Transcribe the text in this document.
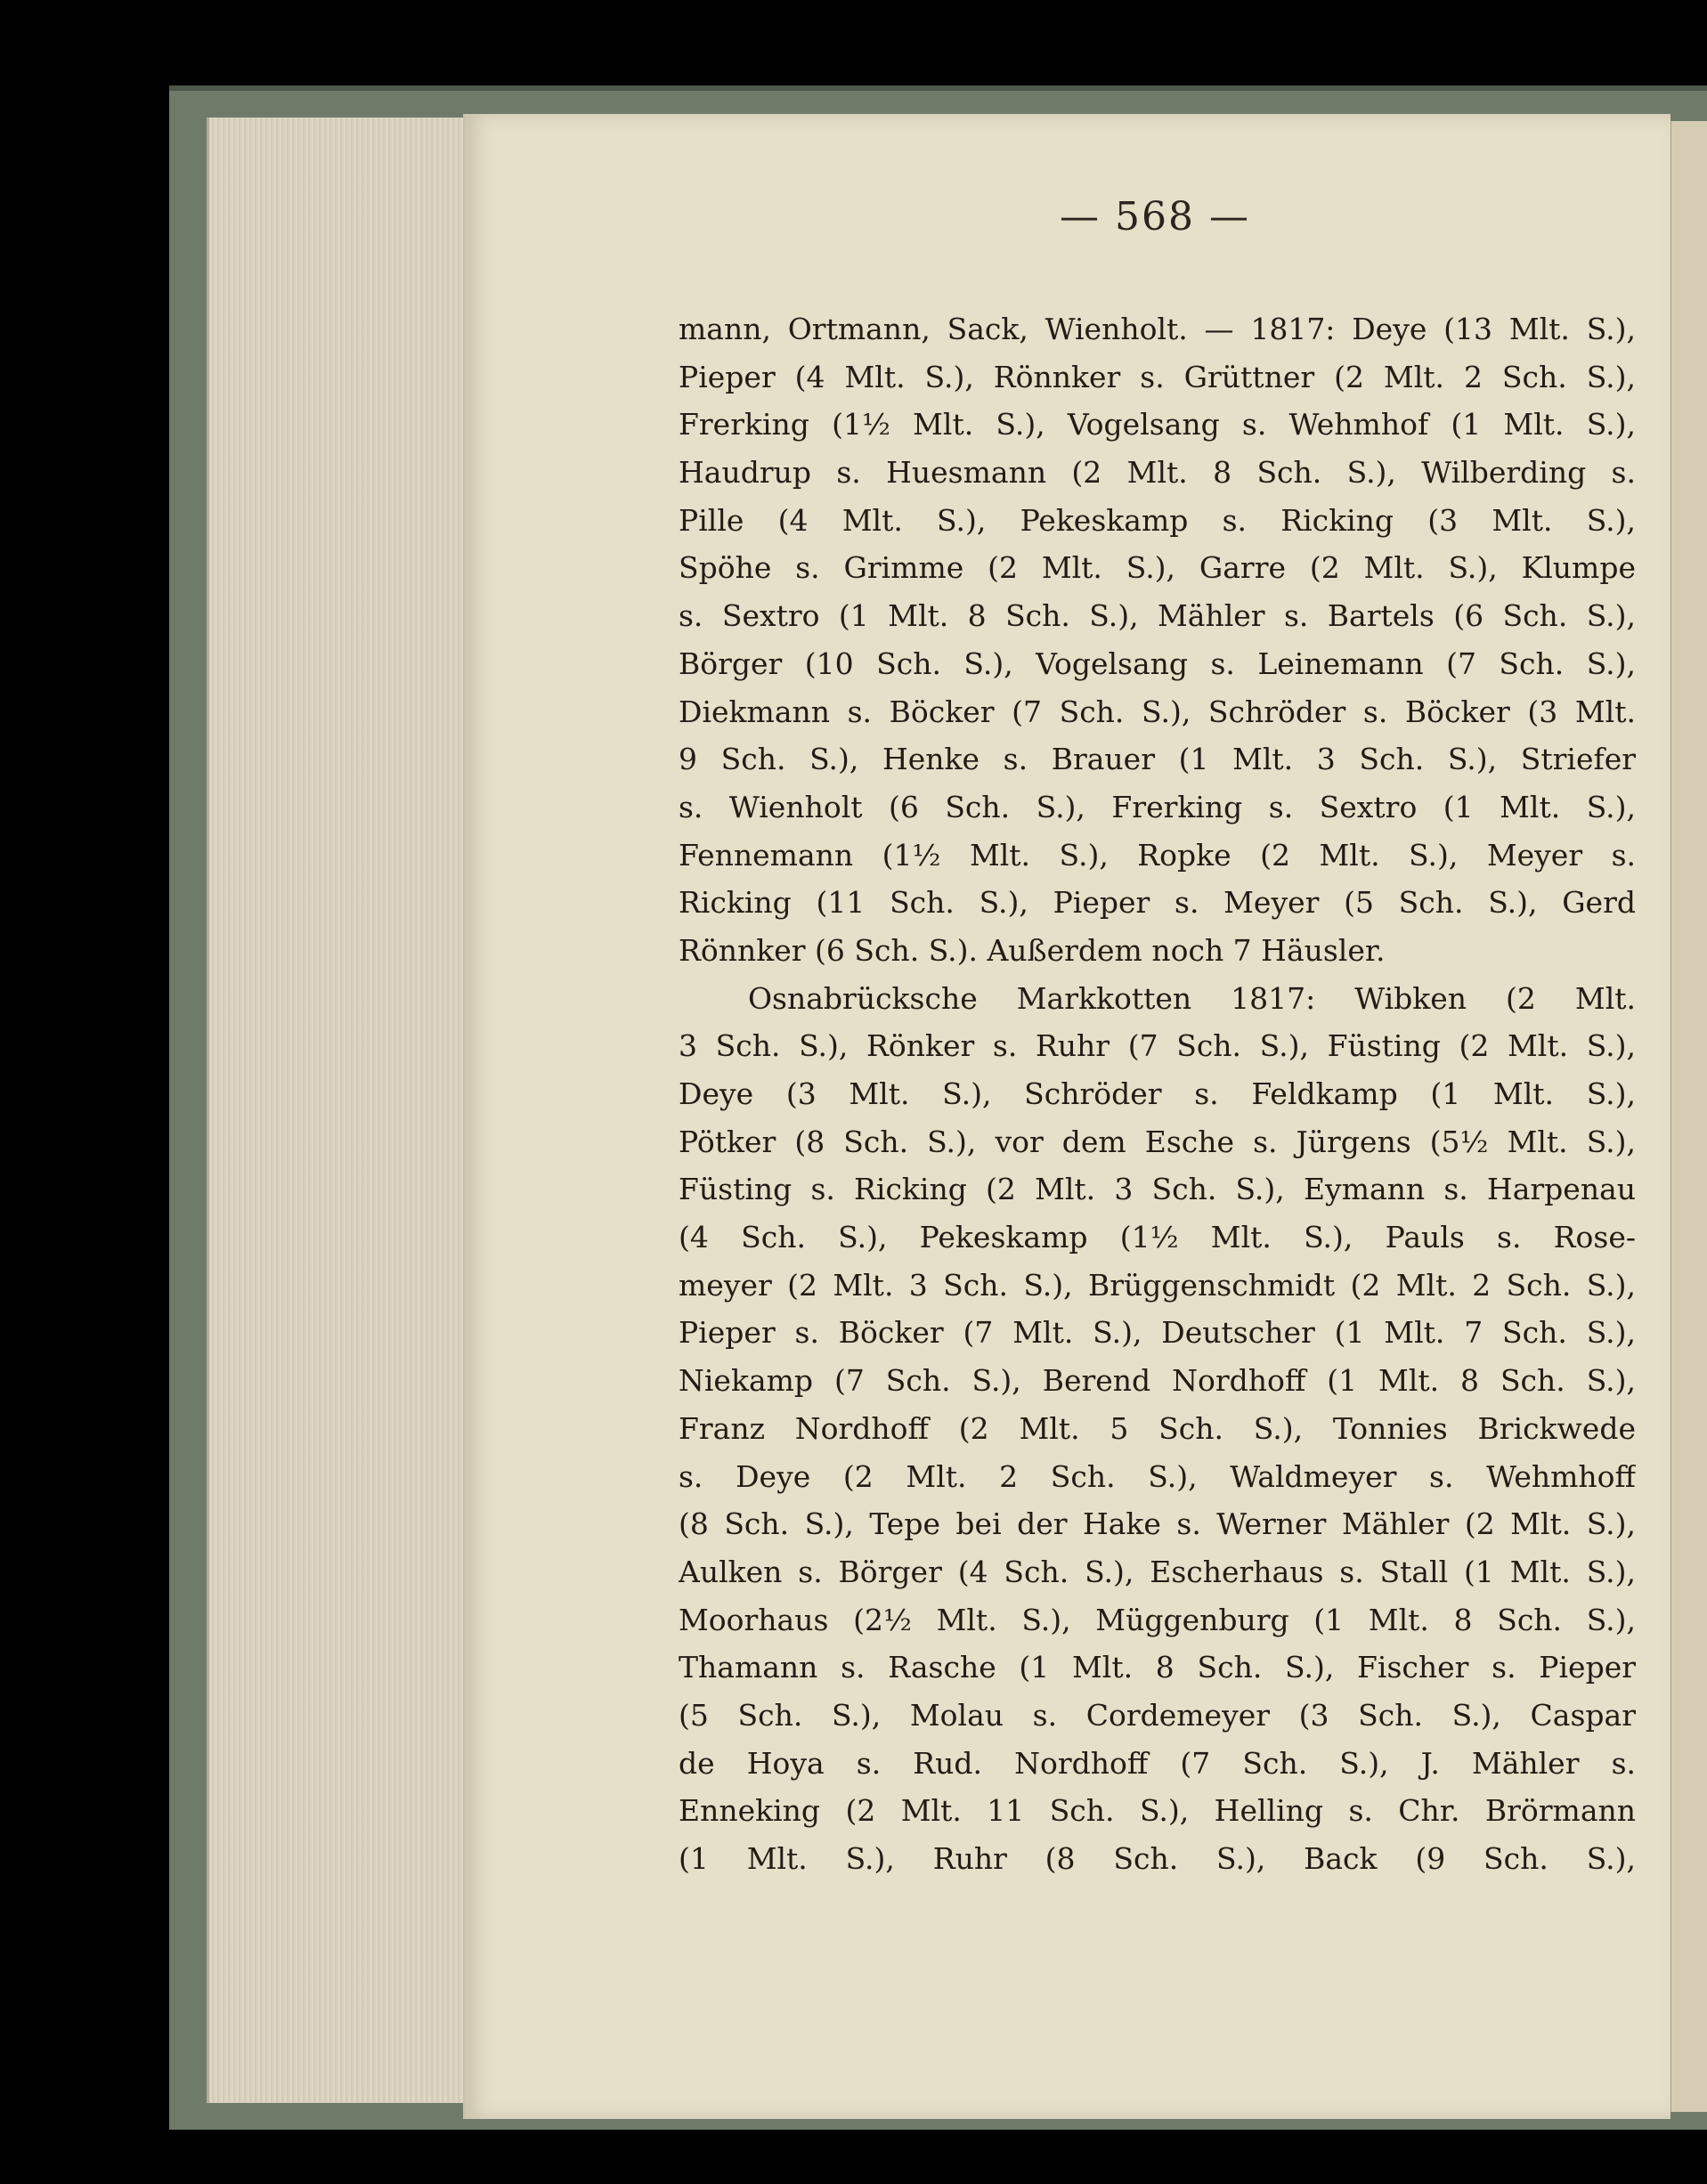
— 568 —
mann, Ortmann, Sack, Wienholt. — 1817: Deye (13 Mlt. S.),
Pieper (4 Mlt. S.), Rönnker s. Grüttner (2 Mlt. 2 Sch. S.),
Frerking (1½ Mlt. S.), Vogelsang s. Wehmhof (1 Mlt. S.),
Haudrup s. Huesmann (2 Mlt. 8 Sch. S.), Wilberding s.
Pille (4 Mlt. S.), Pekeskamp s. Ricking (3 Mlt. S.),
Spöhe s. Grimme (2 Mlt. S.), Garre (2 Mlt. S.), Klumpe
s. Sextro (1 Mlt. 8 Sch. S.), Mähler s. Bartels (6 Sch. S.),
Börger (10 Sch. S.), Vogelsang s. Leinemann (7 Sch. S.),
Diekmann s. Böcker (7 Sch. S.), Schröder s. Böcker (3 Mlt.
9 Sch. S.), Henke s. Brauer (1 Mlt. 3 Sch. S.), Striefer
s. Wienholt (6 Sch. S.), Frerking s. Sextro (1 Mlt. S.),
Fennemann (1½ Mlt. S.), Ropke (2 Mlt. S.), Meyer s.
Ricking (11 Sch. S.), Pieper s. Meyer (5 Sch. S.), Gerd
Rönnker (6 Sch. S.). Außerdem noch 7 Häusler.
Osnabrücksche Markkotten 1817: Wibken (2 Mlt.
3 Sch. S.), Rönker s. Ruhr (7 Sch. S.), Füsting (2 Mlt. S.),
Deye (3 Mlt. S.), Schröder s. Feldkamp (1 Mlt. S.),
Pötker (8 Sch. S.), vor dem Esche s. Jürgens (5½ Mlt. S.),
Füsting s. Ricking (2 Mlt. 3 Sch. S.), Eymann s. Harpenau
(4 Sch. S.), Pekeskamp (1½ Mlt. S.), Pauls s. Rose-
meyer (2 Mlt. 3 Sch. S.), Brüggenschmidt (2 Mlt. 2 Sch. S.),
Pieper s. Böcker (7 Mlt. S.), Deutscher (1 Mlt. 7 Sch. S.),
Niekamp (7 Sch. S.), Berend Nordhoff (1 Mlt. 8 Sch. S.),
Franz Nordhoff (2 Mlt. 5 Sch. S.), Tonnies Brickwede
s. Deye (2 Mlt. 2 Sch. S.), Waldmeyer s. Wehmhoff
(8 Sch. S.), Tepe bei der Hake s. Werner Mähler (2 Mlt. S.),
Aulken s. Börger (4 Sch. S.), Escherhaus s. Stall (1 Mlt. S.),
Moorhaus (2½ Mlt. S.), Müggenburg (1 Mlt. 8 Sch. S.),
Thamann s. Rasche (1 Mlt. 8 Sch. S.), Fischer s. Pieper
(5 Sch. S.), Molau s. Cordemeyer (3 Sch. S.), Caspar
de Hoya s. Rud. Nordhoff (7 Sch. S.), J. Mähler s.
Enneking (2 Mlt. 11 Sch. S.), Helling s. Chr. Brörmann
(1 Mlt. S.), Ruhr (8 Sch. S.), Back (9 Sch. S.),
